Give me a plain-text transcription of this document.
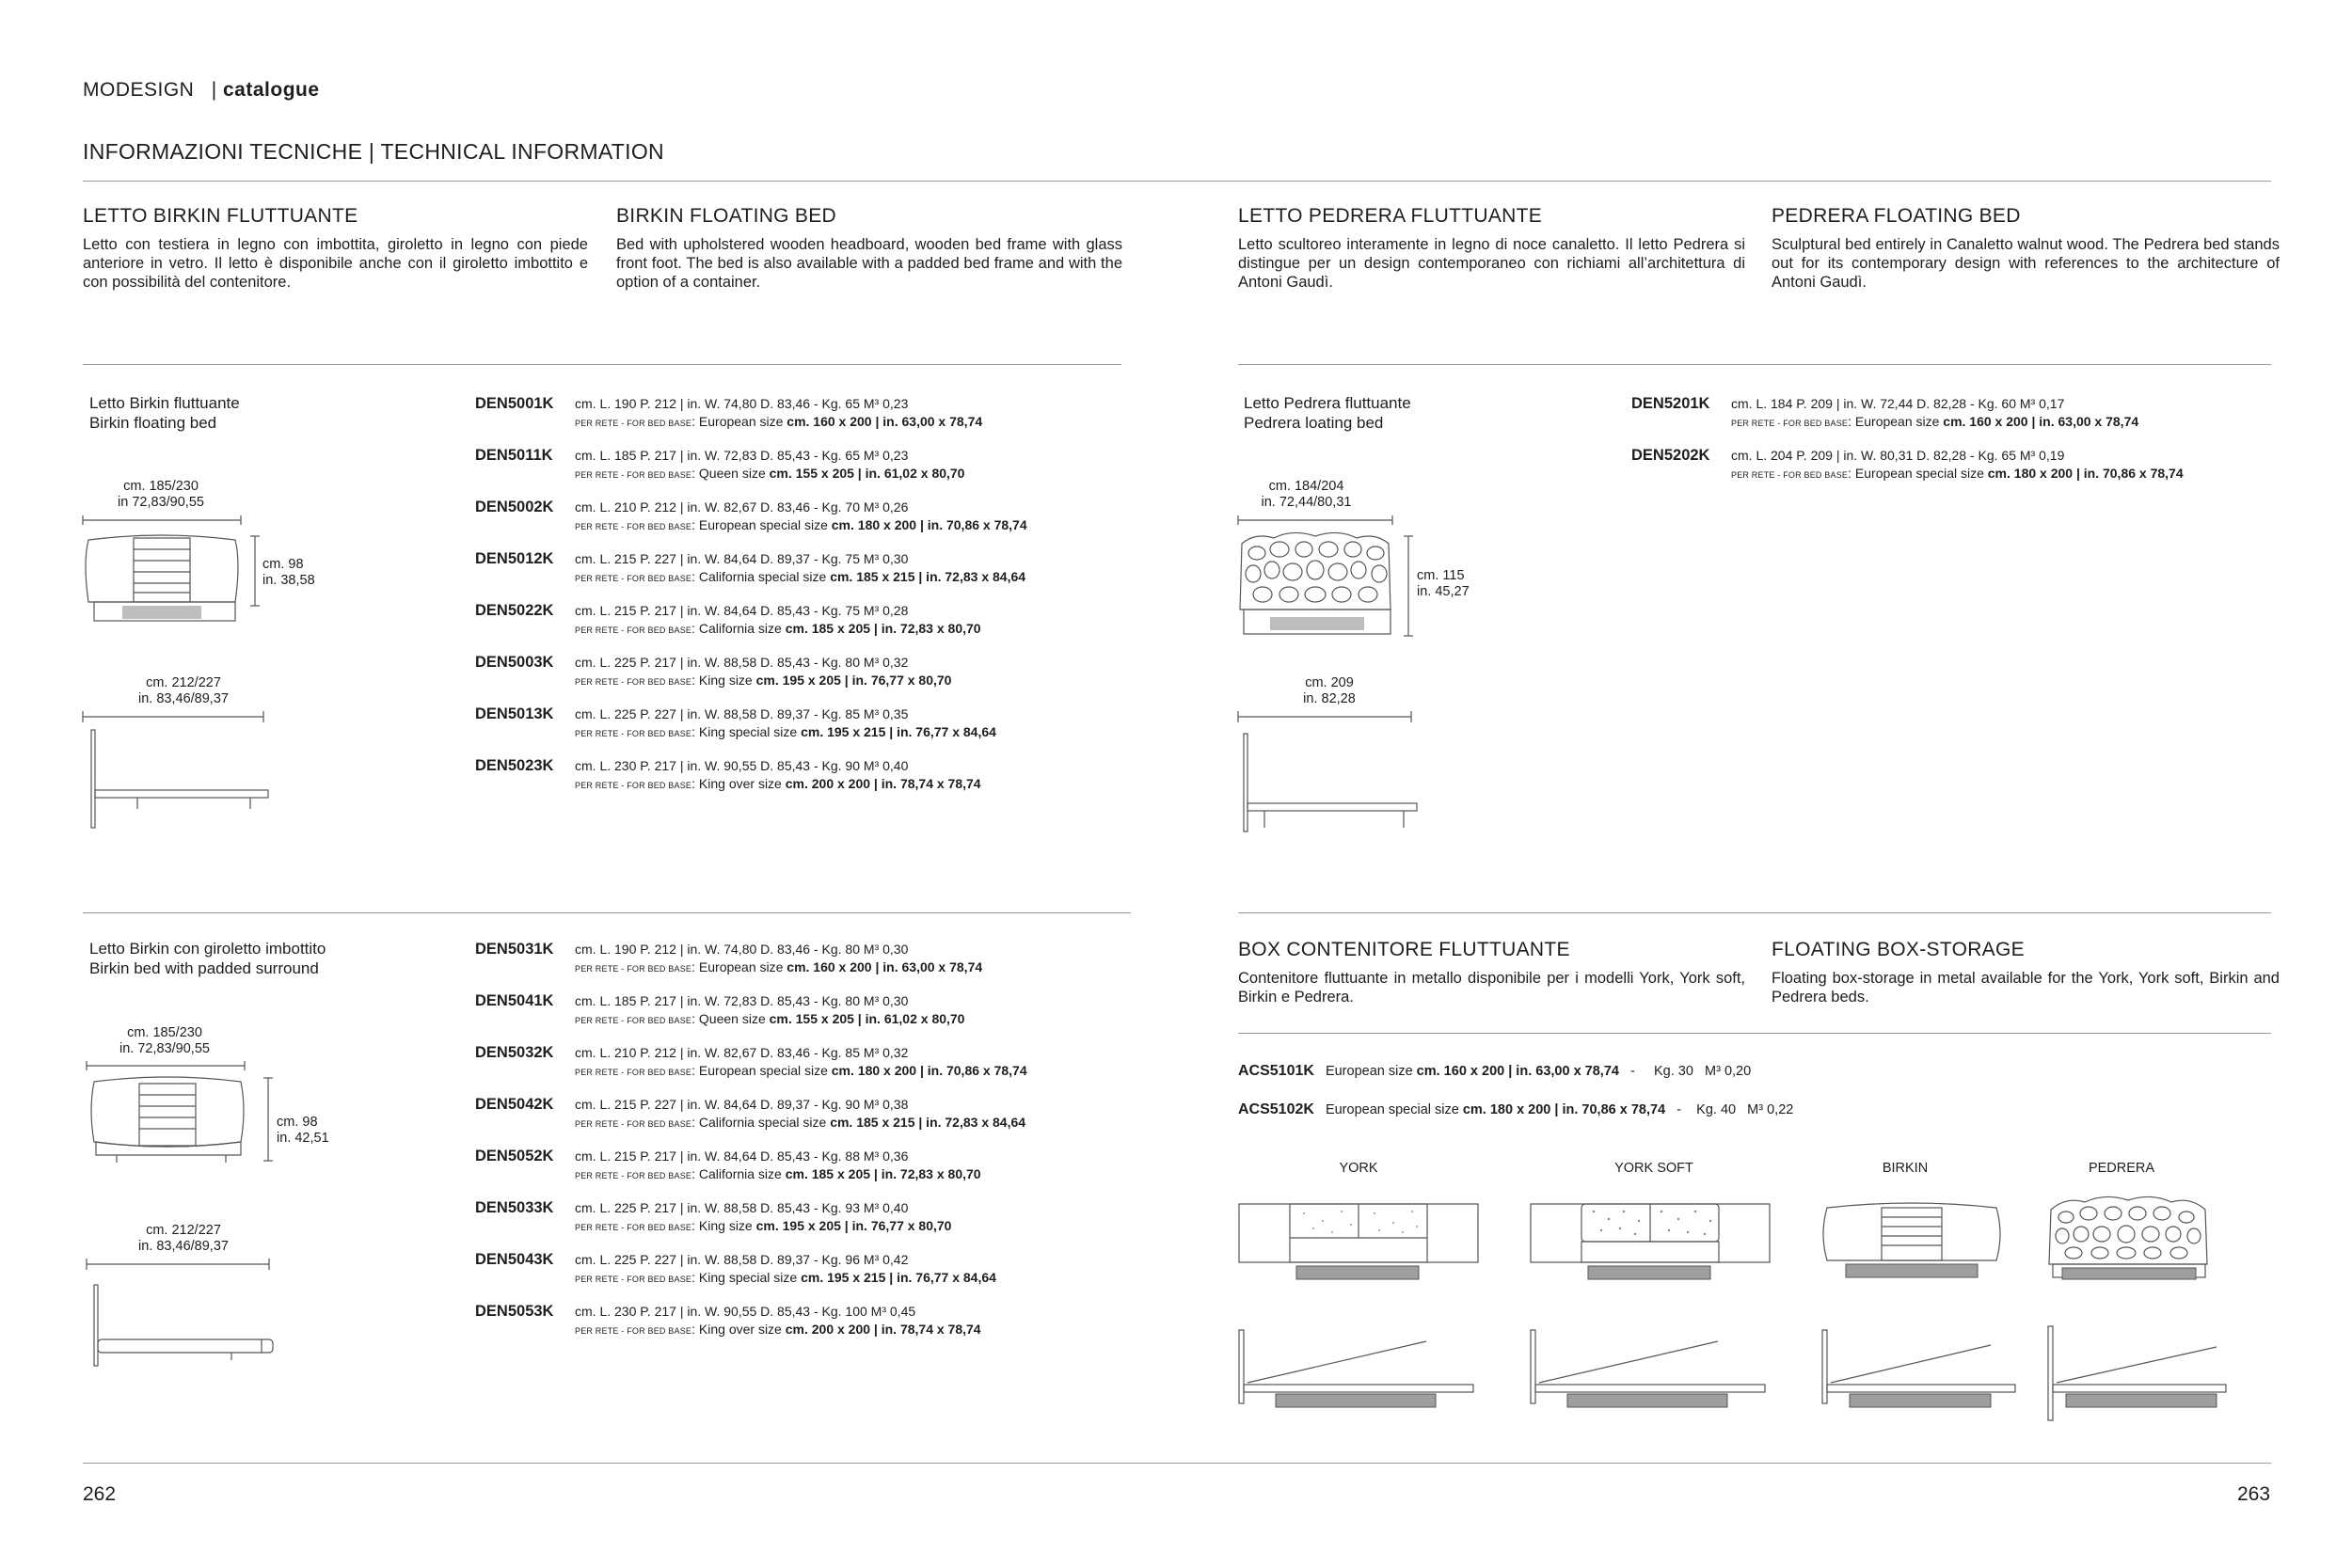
MODESIGN | catalogue
INFORMAZIONI TECNICHE | TECHNICAL INFORMATION
LETTO BIRKIN FLUTTUANTE
Letto con testiera in legno con imbottita, giroletto in legno con piede anteriore in vetro. Il letto è disponibile anche con il giroletto imbottito e con possibilità del contenitore.
BIRKIN FLOATING BED
Bed with upholstered wooden headboard, wooden bed frame with glass front foot. The bed is also available with a padded bed frame and with the option of a container.
LETTO PEDRERA FLUTTUANTE
Letto scultoreo interamente in legno di noce canaletto. Il letto Pedrera si distingue per un design contemporaneo con richiami all’architettura di Antoni Gaudì.
PEDRERA FLOATING BED
Sculptural bed entirely in Canaletto walnut wood. The Pedrera bed stands out for its contemporary design with references to the architecture of Antoni Gaudì.
Letto Birkin fluttuante
Birkin floating bed
cm. 185/230
in 72,83/90,55
cm. 98
in. 38,58
cm. 212/227
in. 83,46/89,37
DEN5001K cm. L. 190 P. 212 | in. W. 74,80 D. 83,46 - Kg. 65 M³ 0,23
PER RETE - FOR BED BASE: European size cm. 160 x 200 | in. 63,00 x 78,74
DEN5011K cm. L. 185 P. 217 | in. W. 72,83 D. 85,43 - Kg. 65 M³ 0,23
PER RETE - FOR BED BASE: Queen size cm. 155 x 205 | in. 61,02 x 80,70
DEN5002K cm. L. 210 P. 212 | in. W. 82,67 D. 83,46 - Kg. 70 M³ 0,26
PER RETE - FOR BED BASE: European special size cm. 180 x 200 | in. 70,86 x 78,74
DEN5012K cm. L. 215 P. 227 | in. W. 84,64 D. 89,37 - Kg. 75 M³ 0,30
PER RETE - FOR BED BASE: California special size cm. 185 x 215 | in. 72,83 x 84,64
DEN5022K cm. L. 215 P. 217 | in. W. 84,64 D. 85,43 - Kg. 75 M³ 0,28
PER RETE - FOR BED BASE: California size cm. 185 x 205 | in. 72,83 x 80,70
DEN5003K cm. L. 225 P. 217 | in. W. 88,58 D. 85,43 - Kg. 80 M³ 0,32
PER RETE - FOR BED BASE: King size cm. 195 x 205 | in. 76,77 x 80,70
DEN5013K cm. L. 225 P. 227 | in. W. 88,58 D. 89,37 - Kg. 85 M³ 0,35
PER RETE - FOR BED BASE: King special size cm. 195 x 215 | in. 76,77 x 84,64
DEN5023K cm. L. 230 P. 217 | in. W. 90,55 D. 85,43 - Kg. 90 M³ 0,40
PER RETE - FOR BED BASE: King over size cm. 200 x 200 | in. 78,74 x 78,74
Letto Pedrera fluttuante
Pedrera loating bed
cm. 184/204
in. 72,44/80,31
cm. 115
in. 45,27
cm. 209
in. 82,28
DEN5201K cm. L. 184 P. 209 | in. W. 72,44 D. 82,28 - Kg. 60 M³ 0,17
PER RETE - FOR BED BASE: European size cm. 160 x 200 | in. 63,00 x 78,74
DEN5202K cm. L. 204 P. 209 | in. W. 80,31 D. 82,28 - Kg. 65 M³ 0,19
PER RETE - FOR BED BASE: European special size cm. 180 x 200 | in. 70,86 x 78,74
Letto Birkin con giroletto imbottito
Birkin bed with padded surround
cm. 185/230
in. 72,83/90,55
cm. 98
in. 42,51
cm. 212/227
in. 83,46/89,37
DEN5031K cm. L. 190 P. 212 | in. W. 74,80 D. 83,46 - Kg. 80 M³ 0,30
PER RETE - FOR BED BASE: European size cm. 160 x 200 | in. 63,00 x 78,74
DEN5041K cm. L. 185 P. 217 | in. W. 72,83 D. 85,43 - Kg. 80 M³ 0,30
PER RETE - FOR BED BASE: Queen size cm. 155 x 205 | in. 61,02 x 80,70
DEN5032K cm. L. 210 P. 212 | in. W. 82,67 D. 83,46 - Kg. 85 M³ 0,32
PER RETE - FOR BED BASE: European special size cm. 180 x 200 | in. 70,86 x 78,74
DEN5042K cm. L. 215 P. 227 | in. W. 84,64 D. 89,37 - Kg. 90 M³ 0,38
PER RETE - FOR BED BASE: California special size cm. 185 x 215 | in. 72,83 x 84,64
DEN5052K cm. L. 215 P. 217 | in. W. 84,64 D. 85,43 - Kg. 88 M³ 0,36
PER RETE - FOR BED BASE: California size cm. 185 x 205 | in. 72,83 x 80,70
DEN5033K cm. L. 225 P. 217 | in. W. 88,58 D. 85,43 - Kg. 93 M³ 0,40
PER RETE - FOR BED BASE: King size cm. 195 x 205 | in. 76,77 x 80,70
DEN5043K cm. L. 225 P. 227 | in. W. 88,58 D. 89,37 - Kg. 96 M³ 0,42
PER RETE - FOR BED BASE: King special size cm. 195 x 215 | in. 76,77 x 84,64
DEN5053K cm. L. 230 P. 217 | in. W. 90,55 D. 85,43 - Kg. 100 M³ 0,45
PER RETE - FOR BED BASE: King over size cm. 200 x 200 | in. 78,74 x 78,74
BOX CONTENITORE FLUTTUANTE
Contenitore fluttuante in metallo disponibile per i modelli York, York soft, Birkin e Pedrera.
FLOATING BOX-STORAGE
Floating box-storage in metal available for the York, York soft, Birkin and Pedrera beds.
ACS5101K European size cm. 160 x 200 | in. 63,00 x 78,74   -     Kg. 30   M³ 0,20
ACS5102K European special size cm. 180 x 200 | in. 70,86 x 78,74   -    Kg. 40   M³ 0,22
YORK	YORK SOFT	BIRKIN	PEDRERA
262	263
